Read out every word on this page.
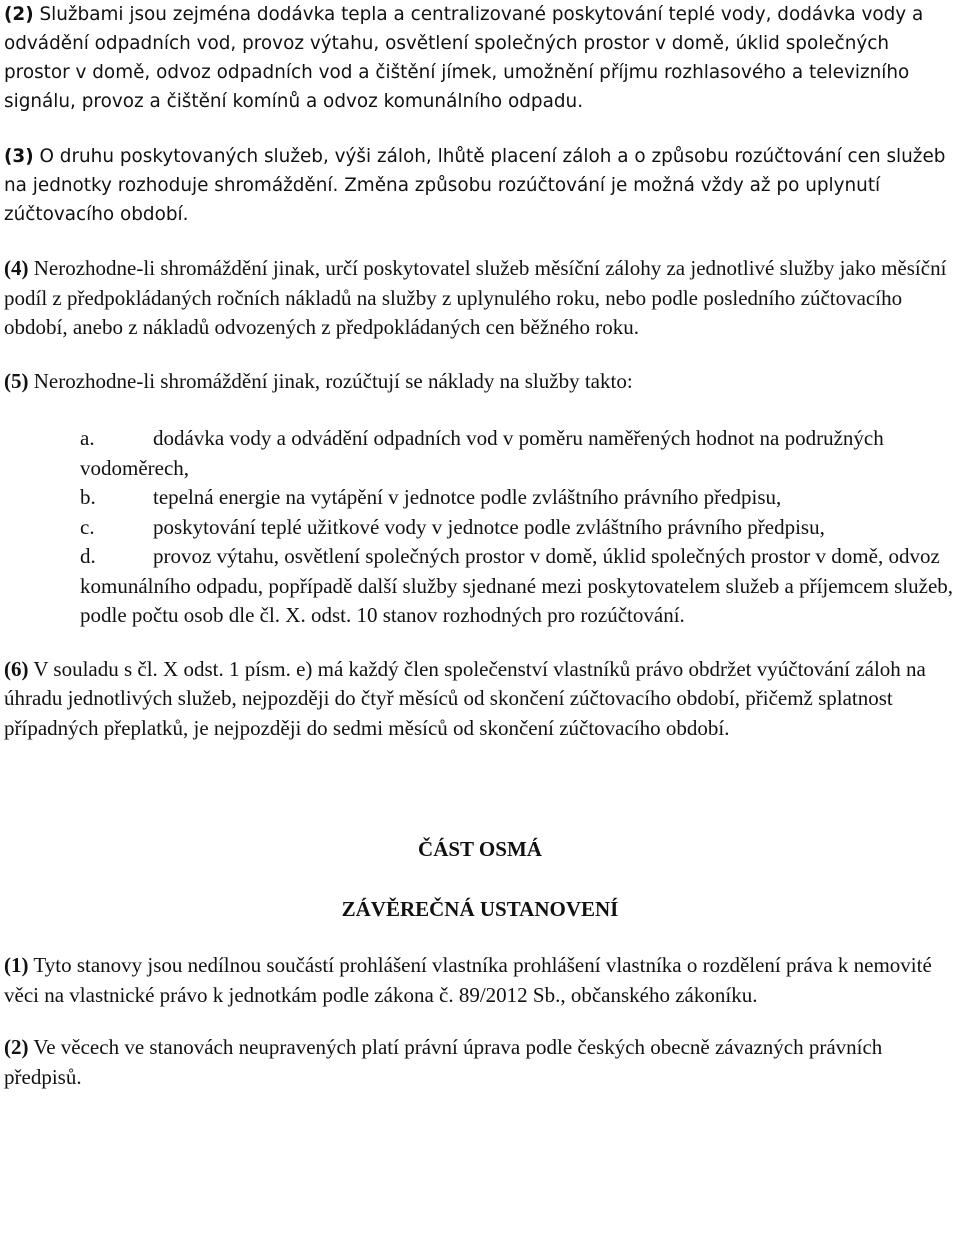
(2) Službami jsou zejména dodávka tepla a centralizované poskytování teplé vody, dodávka vody a odvádění odpadních vod, provoz výtahu, osvětlení společných prostor v domě, úklid společných prostor v domě, odvoz odpadních vod a čištění jímek, umožnění příjmu rozhlasového a televizního signálu, provoz a čištění komínů a odvoz komunálního odpadu.

(3) O druhu poskytovaných služeb, výši záloh, lhůtě placení záloh a o způsobu rozúčtování cen služeb na jednotky rozhoduje shromáždění. Změna způsobu rozúčtování je možná vždy až po uplynutí zúčtovacího období.

(4) Nerozhodne-li shromáždění jinak, určí poskytovatel služeb měsíční zálohy za jednotlivé služby jako měsíční podíl z předpokládaných ročních nákladů na služby z uplynulého roku, nebo podle posledního zúčtovacího období, anebo z nákladů odvozených z předpokládaných cen běžného roku.

(5) Nerozhodne-li shromáždění jinak, rozúčtují se náklady na služby takto:

a.	dodávka vody a odvádění odpadních vod v poměru naměřených hodnot na podružných vodoměrech,
b.	tepelná energie na vytápění v jednotce podle zvláštního právního předpisu,
c.	poskytování teplé užitkové vody v jednotce podle zvláštního právního předpisu,
d.	provoz výtahu, osvětlení společných prostor v domě, úklid společných prostor v domě, odvoz komunálního odpadu, popřípadě další služby sjednané mezi poskytovatelem služeb a příjemcem služeb, podle počtu osob dle čl. X. odst. 10 stanov rozhodných pro rozúčtování.

(6) V souladu s čl. X odst. 1 písm. e) má každý člen společenství vlastníků právo obdržet vyúčtování záloh na úhradu jednotlivých služeb, nejpozději do čtyř měsíců od skončení zúčtovacího období, přičemž splatnost případných přeplatků, je nejpozději do sedmi měsíců od skončení zúčtovacího období.

ČÁST OSMÁ

ZÁVĚREČNÁ USTANOVENÍ

(1) Tyto stanovy jsou nedílnou součástí prohlášení vlastníka prohlášení vlastníka o rozdělení práva k nemovité věci na vlastnické právo k jednotkám podle zákona č. 89/2012 Sb., občanského zákoníku.

(2) Ve věcech ve stanovách neupravených platí právní úprava podle českých obecně závazných právních předpisů.
